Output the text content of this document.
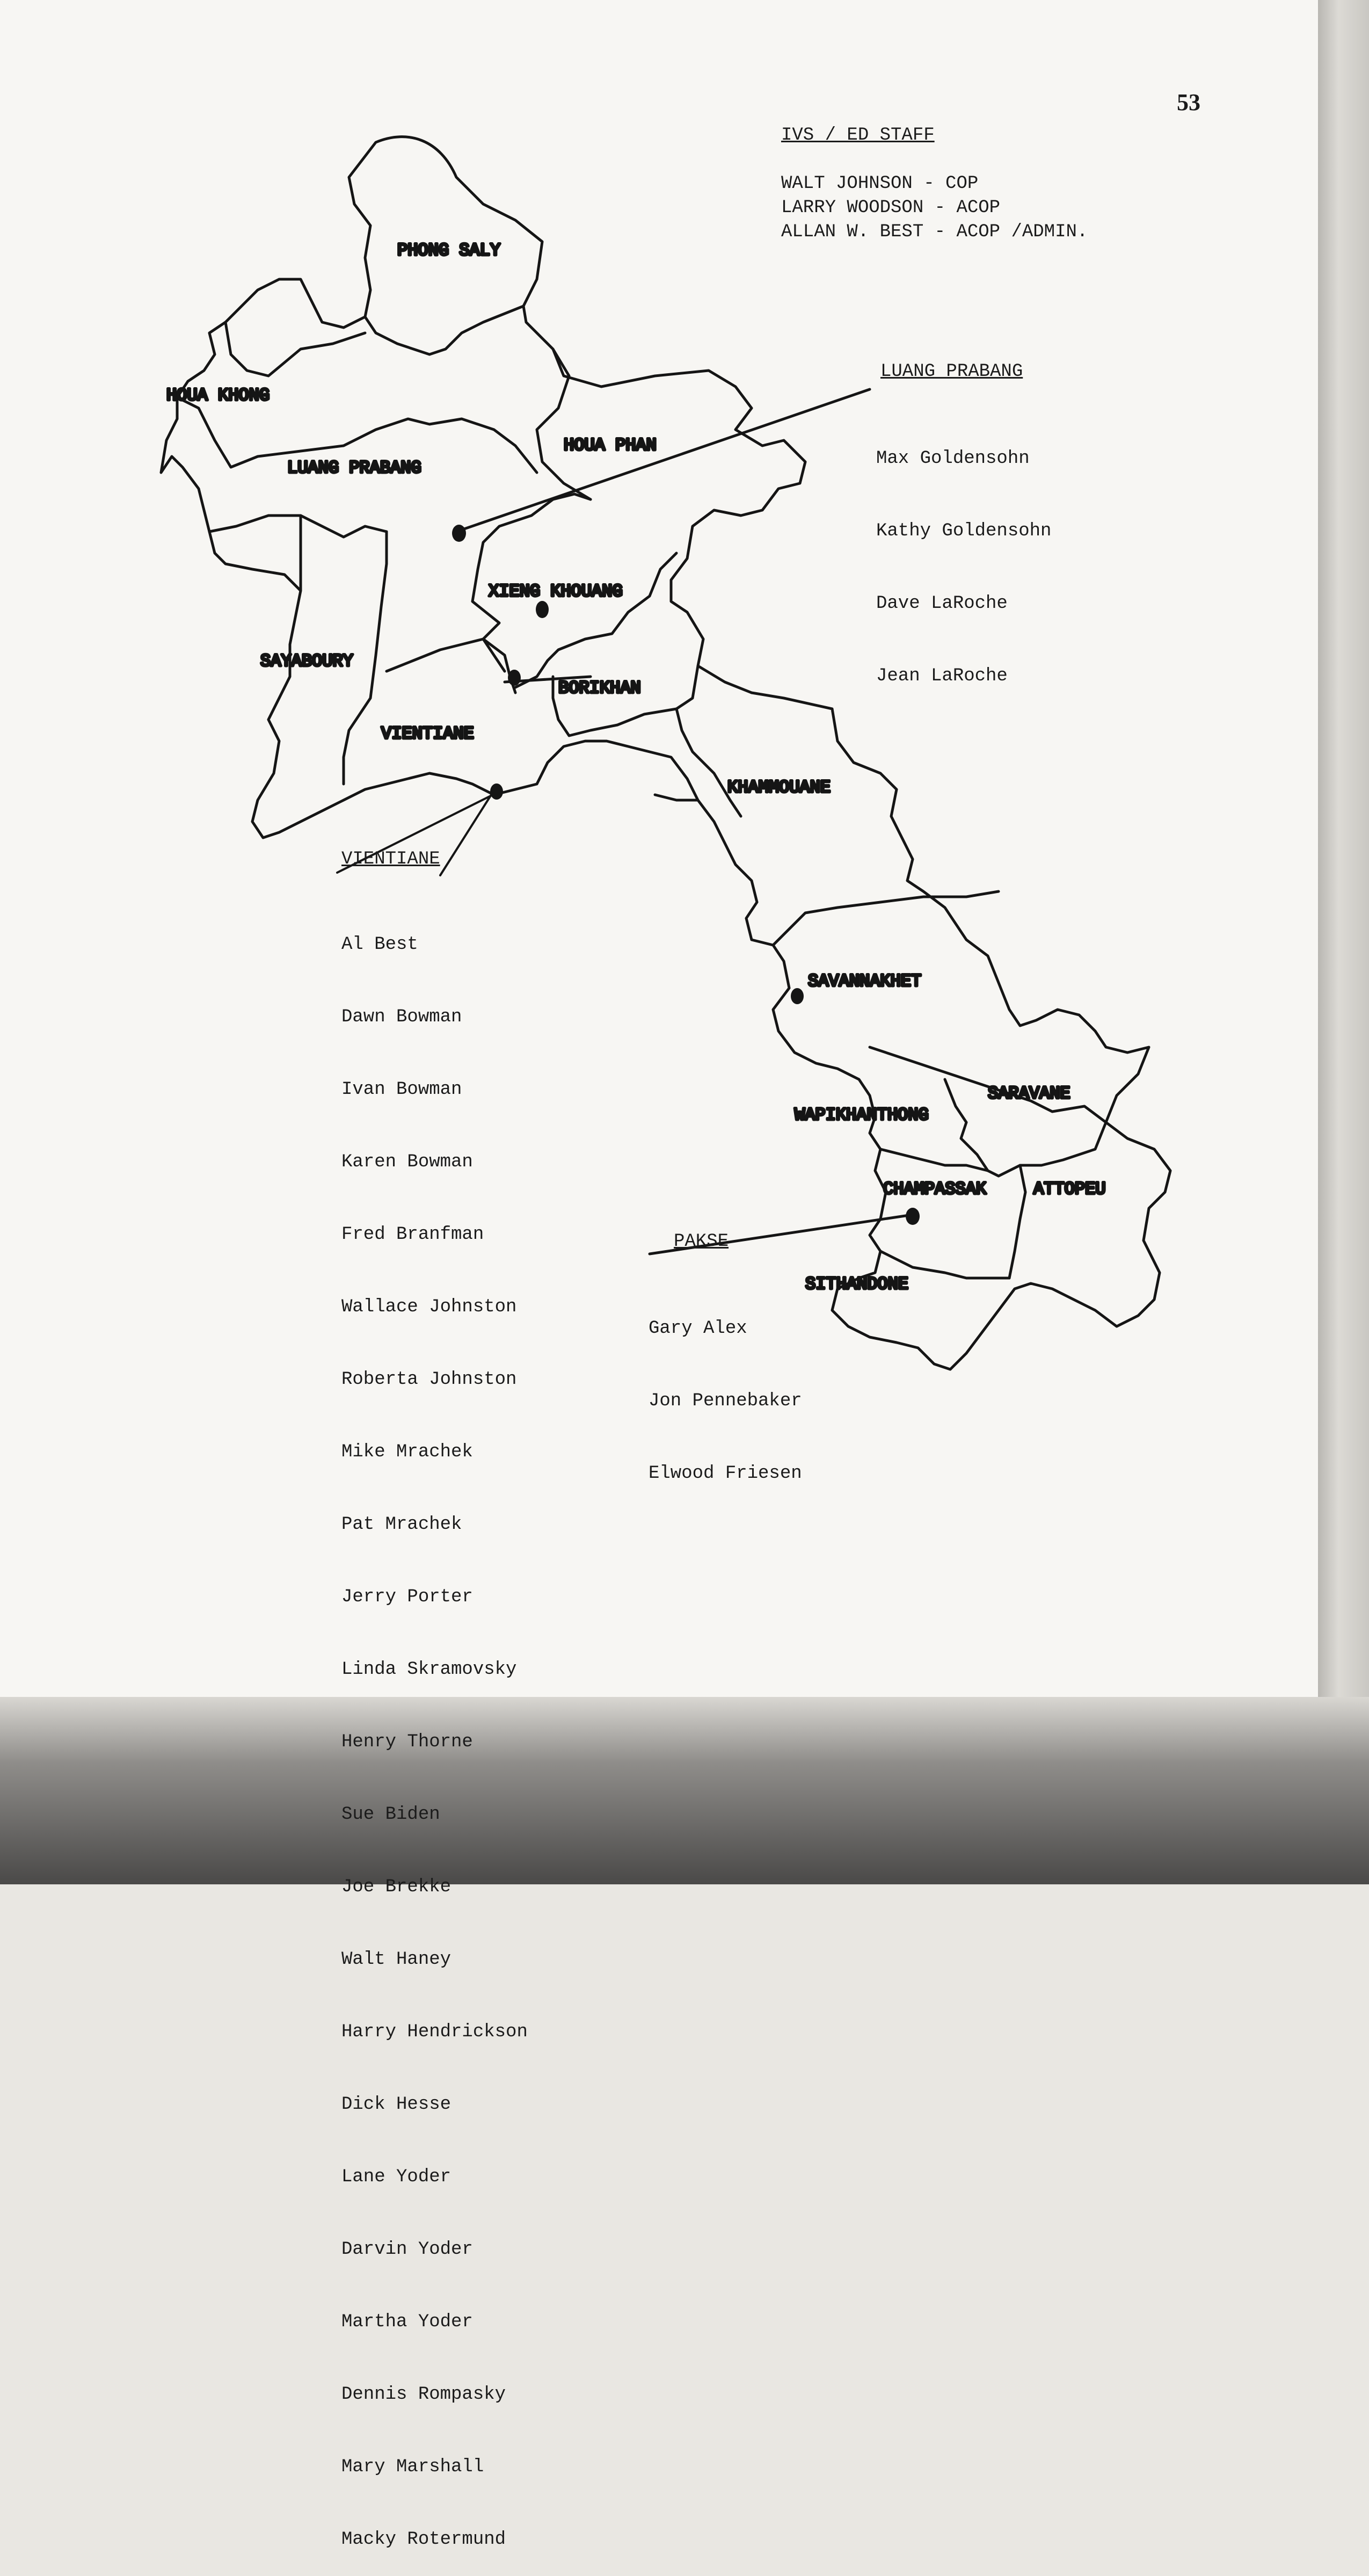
53
IVS / ED STAFF
WALT JOHNSON - COP
LARRY WOODSON - ACOP
ALLAN W. BEST - ACOP /ADMIN.
PHONG SALY
HOUA KHONG
LUANG PRABANG
HOUA PHAN
XIENG KHOUANG
SAYABOURY
BORIKHAN
VIENTIANE
KHAMMOUANE
SAVANNAKHET
SARAVANE
WAPIKHANTHONG
CHAMPASSAK	ATTOPEU
SITHANDONE
LUANG PRABANG

Max Goldensohn

Kathy Goldensohn

Dave LaRoche

Jean LaRoche

VIENTIANE

Al Best

Dawn Bowman

Ivan Bowman

Karen Bowman

Fred Branfman

Wallace Johnston

Roberta Johnston

Mike Mrachek

Pat Mrachek

Jerry Porter

Linda Skramovsky

Henry Thorne

Sue Biden

Joe Brekke

Walt Haney

Harry Hendrickson

Dick Hesse

Lane Yoder

Darvin Yoder

Martha Yoder

Dennis Rompasky

Mary Marshall

Macky Rotermund

PAKSE

Gary Alex

Jon Pennebaker

Elwood Friesen
